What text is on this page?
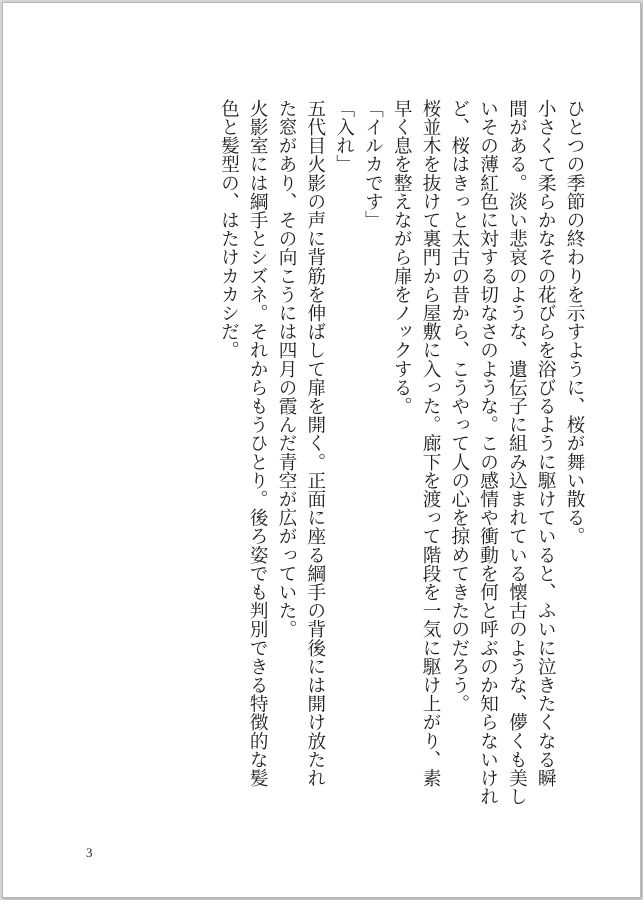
ひとつの季節の終わりを示すように、桜が舞い散る。
小さくて柔らかなその花びらを浴びるように駆けていると、ふいに泣きたくなる瞬
間がある。淡い悲哀のような、遺伝子に組み込まれている懐古のような、儚くも美し
いその薄紅色に対する切なさのような。この感情や衝動を何と呼ぶのか知らないけれ
ど、桜はきっと太古の昔から、こうやって人の心を掠めてきたのだろう。
桜並木を抜けて裏門から屋敷に入った。廊下を渡って階段を一気に駆け上がり、素
早く息を整えながら扉をノックする。
「イルカです」
「入れ」
五代目火影の声に背筋を伸ばして扉を開く。正面に座る綱手の背後には開け放たれ
た窓があり、その向こうには四月の霞んだ青空が広がっていた。
火影室には綱手とシズネ。それからもうひとり。後ろ姿でも判別できる特徴的な髪
色と髪型の、はたけカカシだ。
3
